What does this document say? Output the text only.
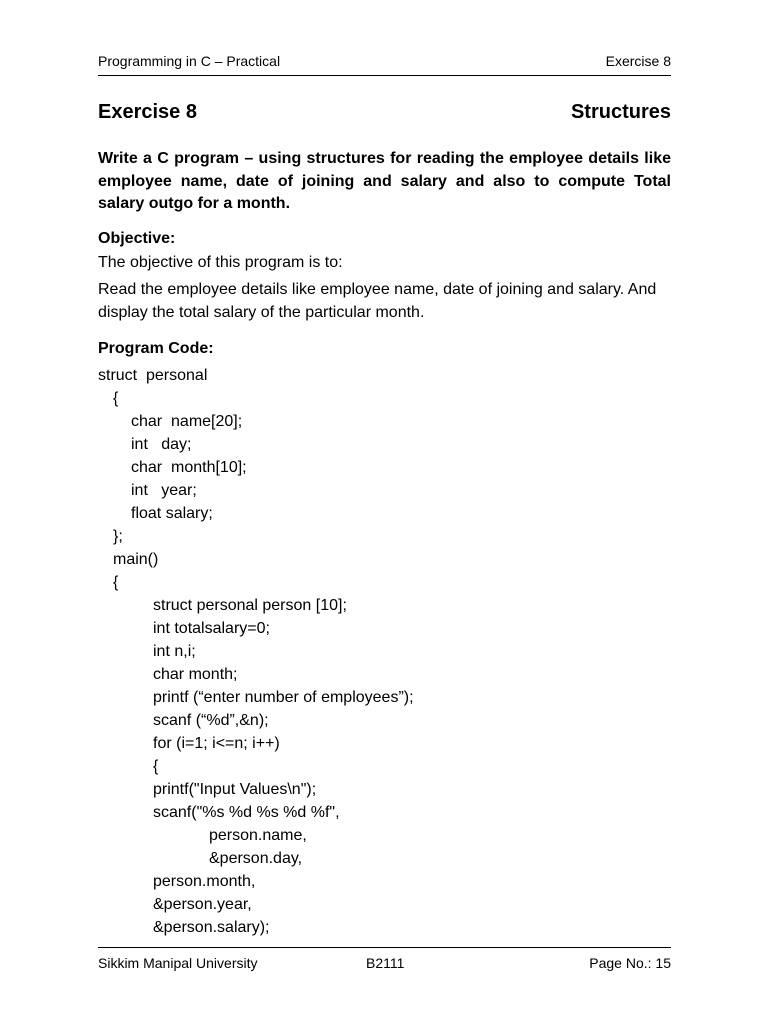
Programming in C – Practical	Exercise 8
Exercise 8	Structures
Write a C program – using structures for reading the employee details like employee name, date of joining and salary and also to compute Total salary outgo for a month.
Objective:
The objective of this program is to:
Read the employee details like employee name, date of joining and salary. And display the total salary of the particular month.
Program Code:
struct  personal
{
char  name[20];
int   day;
char  month[10];
int   year;
float salary;
};
main()
{
struct personal person [10];
int totalsalary=0;
int n,i;
char month;
printf (“enter number of employees”);
scanf (“%d”,&n);
for (i=1; i<=n; i++)
{
printf("Input Values\n");
scanf("%s %d %s %d %f",
person.name,
&person.day,
person.month,
&person.year,
&person.salary);
Sikkim Manipal University	B2111	Page No.: 15
